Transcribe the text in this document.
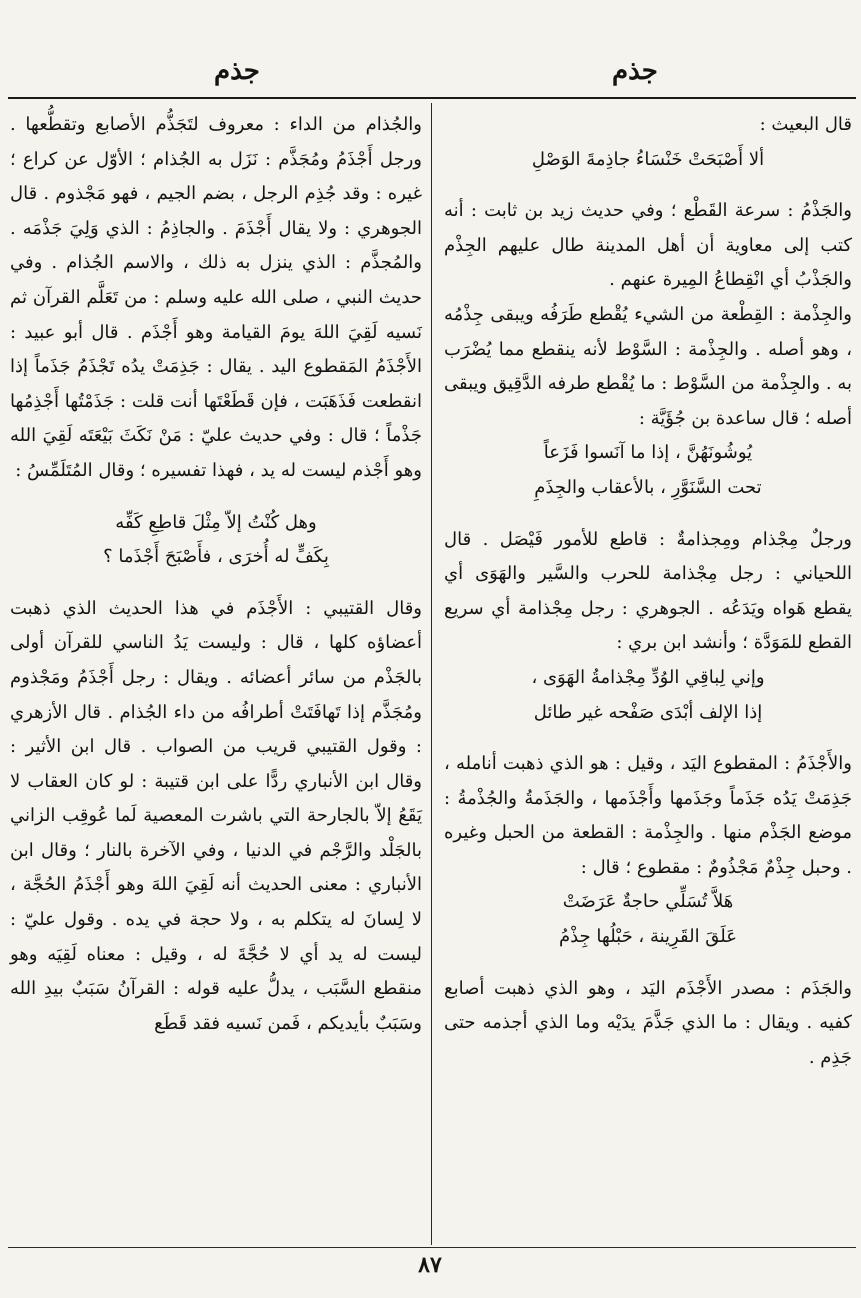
جذم
جذم

قال البعيث :

ألا أَصْبَحَتْ خَنْسَاءُ جاذِمةَ الوَصْلِ

والجَذْمُ : سرعة القَطْع ؛ وفي حديث زيد بن ثابت : أنه كتب إلى معاوية أن أهل المدينة طال عليهم الجِذْم والجَذْبُ أي انْقِطاعُ المِيرة عنهم .

والجِذْمة : القِطْعة من الشيء يُقْطع طَرَفُه ويبقى جِذْمُه ، وهو أصله . والجِذْمة : السَّوْط لأنه ينقطع مما يُضْرَب به . والجِذْمة من السَّوْط : ما يُقْطع طرفه الدَّقِيق ويبقى أصله ؛ قال ساعدة بن جُؤَيَّة :

يُوشُونَهُنَّ ، إذا ما آنَسوا فَزَعاً

تحت السَّنَوَّرِ ، بالأعقاب والجِذَمِ

ورجلٌ مِجْذام ومِجذامةٌ : قاطع للأمور فَيْصَل . قال اللحياني : رجل مِجْذامة للحرب والسَّير والهَوَى أي يقطع هَواه ويَدَعُه . الجوهري : رجل مِجْذامة أي سريع القطع للمَوَدَّة ؛ وأنشد ابن بري :

وإني لِباقِي الوُدِّ مِجْذامةُ الهَوَى ،

إذا الإلف أبْدَى صَفْحه غير طائل

والأَجْذَمُ : المقطوع اليَد ، وقيل : هو الذي ذهبت أنامله ، جَذِمَتْ يَدُه جَذَماً وجَذَمها وأَجْذَمها ، والجَذَمةُ والجُذْمةُ : موضع الجَذْم منها . والجِذْمة : القطعة من الحبل وغيره . وحبل جِذْمٌ مَجْذُومٌ : مقطوع ؛ قال :

هَلاَّ تُسَلِّي حاجةٌ عَرَضَتْ

عَلَقَ القَرِينة ، حَبْلُها جِذْمُ

والجَذَم : مصدر الأَجْذَم اليَد ، وهو الذي ذهبت أصابع كفيه . ويقال : ما الذي جَذَّمَ يدَيْه وما الذي أجذمه حتى جَذِم .

والجُذام من الداء : معروف لتَجَذُّم الأصابع وتقطُّعها . ورجل أَجْذَمُ ومُجَذَّم : نَزَل به الجُذام ؛ الأوّل عن كراع ؛ غيره : وقد جُذِم الرجل ، بضم الجيم ، فهو مَجْذوم . قال الجوهري : ولا يقال أَجْذَمَ . والجاذِمُ : الذي وَلِيَ جَذْمَه . والمُجذَّم : الذي ينزل به ذلك ، والاسم الجُذام . وفي حديث النبي ، صلى الله عليه وسلم : من تَعَلَّم القرآن ثم نَسيه لَقِيَ اللهَ يومَ القيامة وهو أَجْذَم . قال أبو عبيد : الأَجْذَمُ المَقطوع اليد . يقال : جَذِمَتْ يدُه تَجْذَمُ جَذَماً إذا انقطعت فَذَهَبَت ، فإن قَطَعْتَها أنت قلت : جَذَمْتُها أَجْذِمُها جَذْماً ؛ قال : وفي حديث عليّ : مَنْ نَكَثَ بَيْعَتَه لَقِيَ الله وهو أَجْذم ليست له يد ، فهذا تفسيره ؛ وقال المُتَلَمِّسُ :

وهل كُنْتُ إلاّ مِثْلَ قاطِعِ كَفِّه

بِكَفٍّ له أُخرَى ، فأَصْبَحَ أَجْذَما ؟

وقال القتيبي : الأَجْذَم في هذا الحديث الذي ذهبت أعضاؤه كلها ، قال : وليست يَدُ الناسي للقرآن أولى بالجَذْم من سائر أعضائه . ويقال : رجل أَجْذَمُ ومَجْذوم ومُجَذَّم إذا تَهافَتَتْ أطرافُه من داء الجُذام . قال الأزهري : وقول القتيبي قريب من الصواب . قال ابن الأثير : وقال ابن الأنباري ردًّا على ابن قتيبة : لو كان العقاب لا يَقَعُ إلاّ بالجارحة التي باشرت المعصية لَما عُوقِب الزاني بالجَلْد والرَّجْم في الدنيا ، وفي الآخرة بالنار ؛ وقال ابن الأنباري : معنى الحديث أنه لَقِيَ اللهَ وهو أَجْذَمُ الحُجَّة ، لا لِسانَ له يتكلم به ، ولا حجة في يده . وقول عليّ : ليست له يد أي لا حُجَّةَ له ، وقيل : معناه لَقِيَه وهو منقطع السَّبَب ، يدلُّ عليه قوله : القرآنُ سَبَبٌ بيدِ الله وسَبَبٌ بأيديكم ، فَمن نَسيه فقد قَطَع

٨٧
